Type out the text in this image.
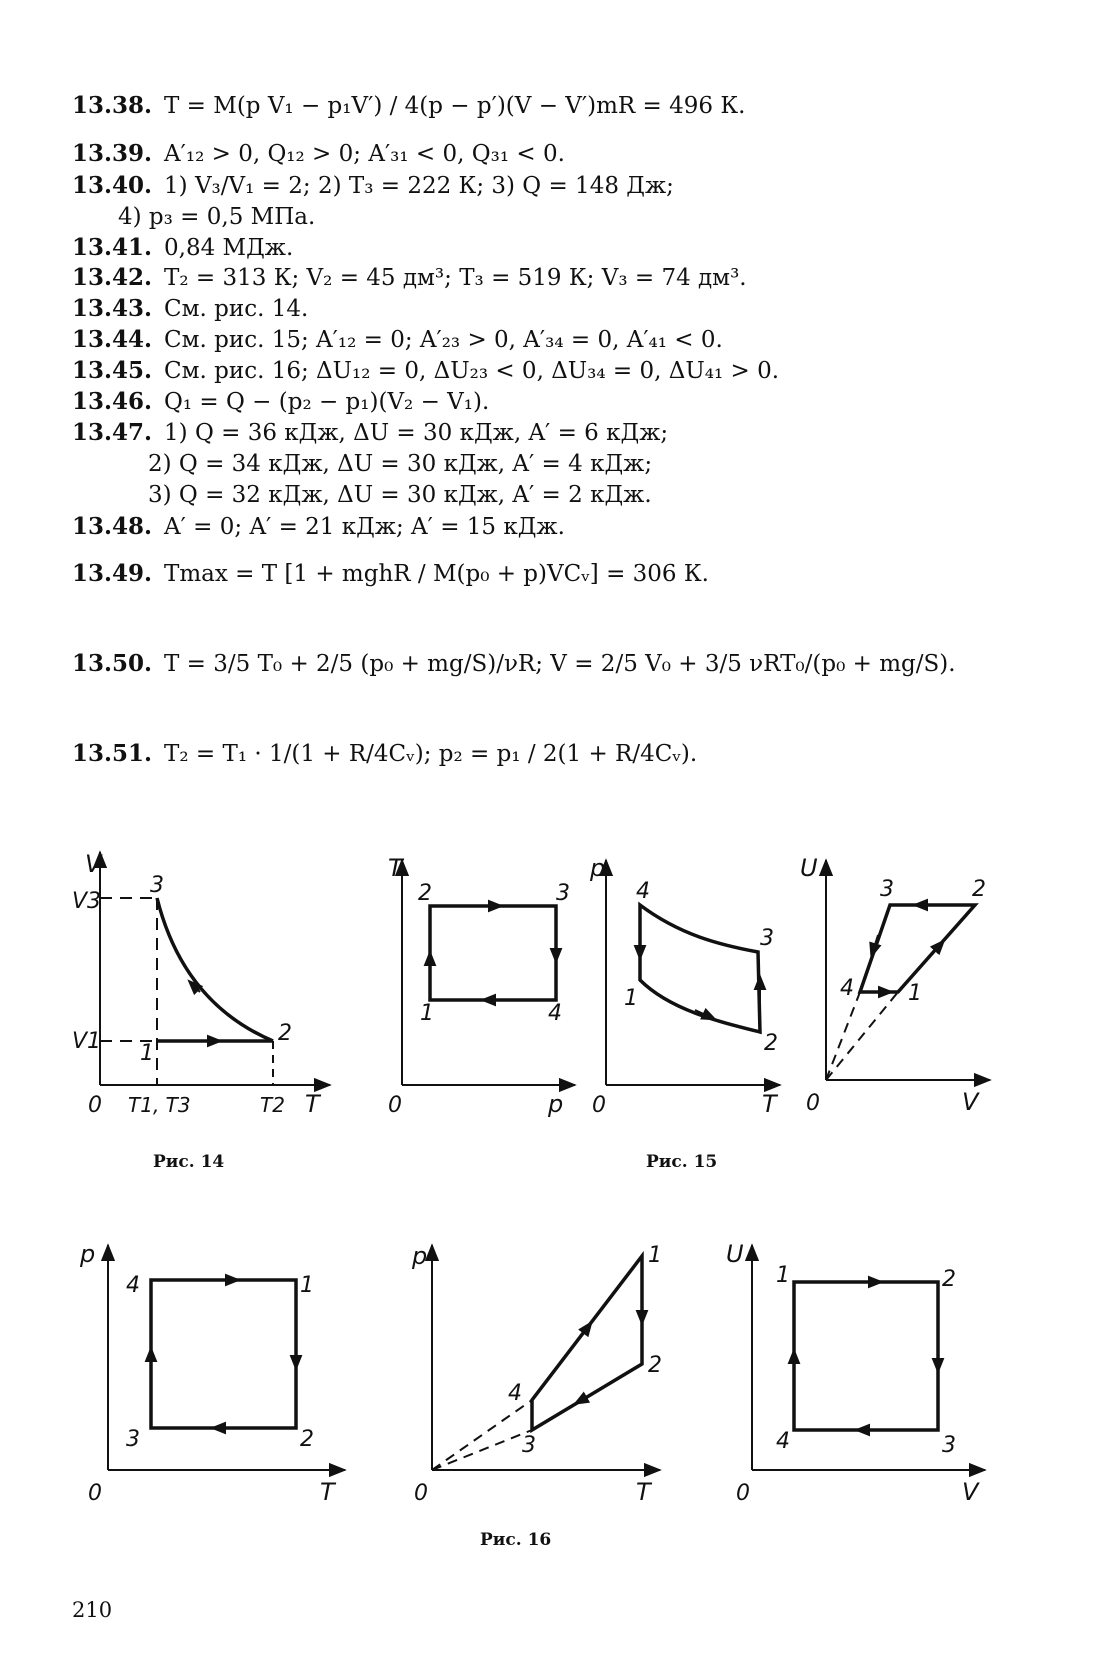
13.38. T = M(p V₁ − p₁V′) / 4(p − p′)(V − V′)mR = 496 К.
13.39. A′₁₂ > 0, Q₁₂ > 0; A′₃₁ < 0, Q₃₁ < 0.
13.40. 1) V₃/V₁ = 2; 2) T₃ = 222 К; 3) Q = 148 Дж;
4) p₃ = 0,5 МПа.
13.41. 0,84 МДж.
13.42. T₂ = 313 К; V₂ = 45 дм³; T₃ = 519 К; V₃ = 74 дм³.
13.43. См. рис. 14.
13.44. См. рис. 15; A′₁₂ = 0; A′₂₃ > 0, A′₃₄ = 0, A′₄₁ < 0.
13.45. См. рис. 16; ΔU₁₂ = 0, ΔU₂₃ < 0, ΔU₃₄ = 0, ΔU₄₁ > 0.
13.46. Q₁ = Q − (p₂ − p₁)(V₂ − V₁).
13.47. 1) Q = 36 кДж, ΔU = 30 кДж, A′ = 6 кДж;
2) Q = 34 кДж, ΔU = 30 кДж, A′ = 4 кДж;
3) Q = 32 кДж, ΔU = 30 кДж, A′ = 2 кДж.
13.48. A′ = 0; A′ = 21 кДж; A′ = 15 кДж.
13.49. Tmax = T [1 + mghR / M(p₀ + p)VCᵥ] = 306 К.
13.50. T = 3/5 T₀ + 2/5 (p₀ + mg/S)/νR; V = 2/5 V₀ + 3/5 νRT₀/(p₀ + mg/S).
13.51. T₂ = T₁ · 1/(1 + R/4Cᵥ); p₂ = p₁ / 2(1 + R/4Cᵥ).
V
T
0
3
1
2
V3
V1
T1, T3	T2
T
p
0
1
2	3
4
p
T
0
1
2
3
4
U
V
0
1
2
3
4
p
T
0
1
2
3
4
p
T
0
1
2
3
4
U
V
0
1	2
3
4
Рис. 14	Рис. 15
Рис. 16
210
